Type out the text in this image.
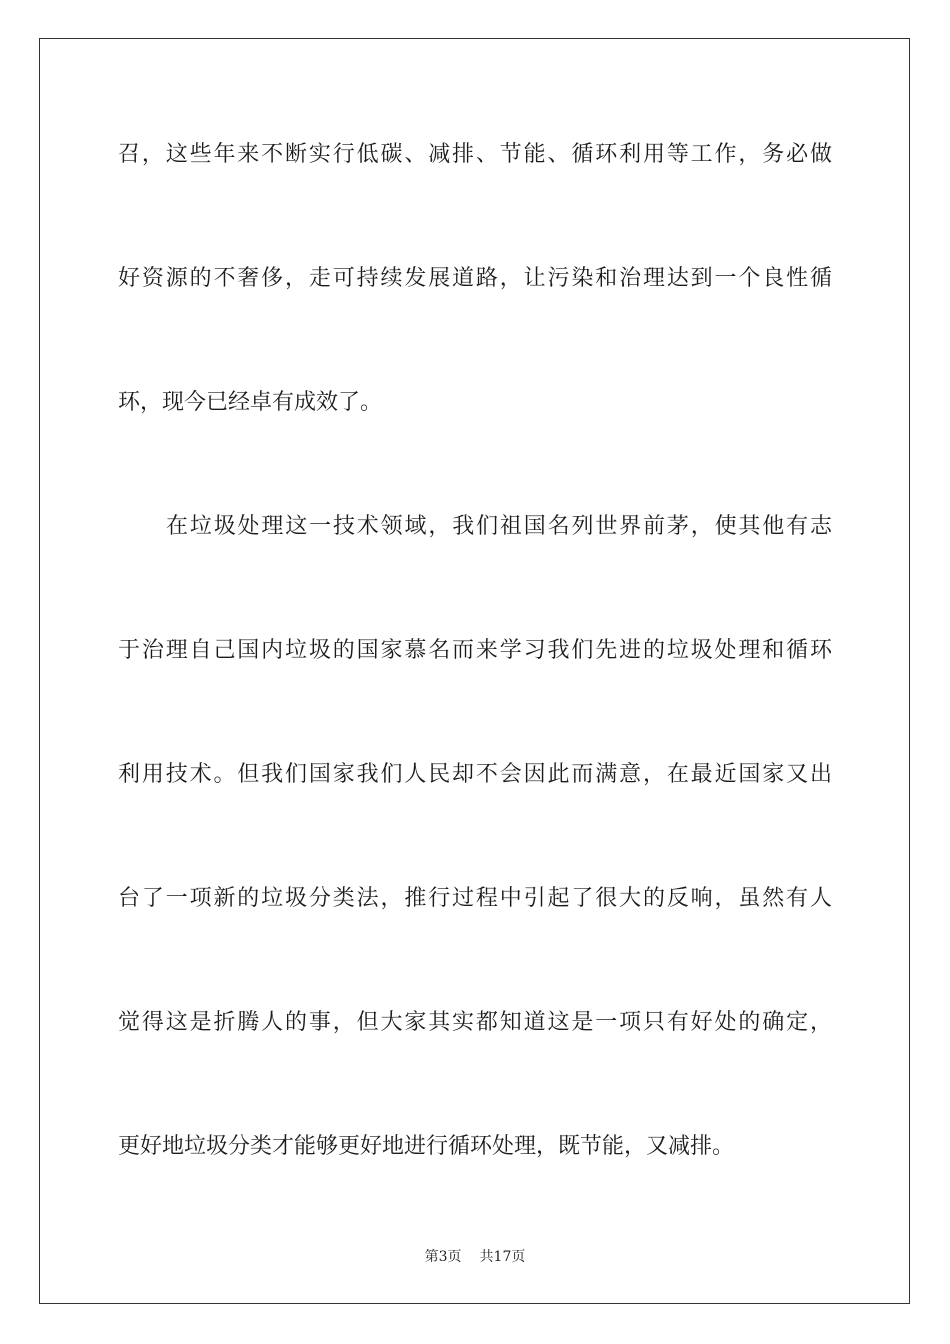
召，这些年来不断实行低碳、减排、节能、循环利用等工作，务必做
好资源的不奢侈，走可持续发展道路，让污染和治理达到一个良性循
环，现今已经卓有成效了。
在垃圾处理这一技术领域，我们祖国名列世界前茅，使其他有志
于治理自己国内垃圾的国家慕名而来学习我们先进的垃圾处理和循环
利用技术。但我们国家我们人民却不会因此而满意，在最近国家又出
台了一项新的垃圾分类法，推行过程中引起了很大的反响，虽然有人
觉得这是折腾人的事，但大家其实都知道这是一项只有好处的确定，
更好地垃圾分类才能够更好地进行循环处理，既节能，又减排。
第3页 共17页
